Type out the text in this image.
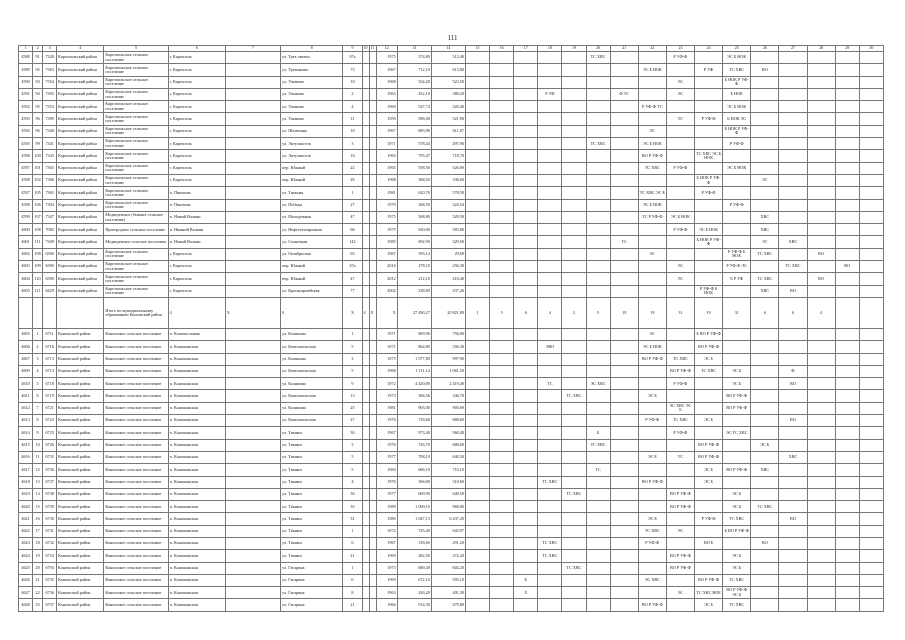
111
1	2	3	4	5	6	7	8	9	10	11	12	13	14	15	16	17	18	19	20	21	22	23	24	25	26	27	28	29	30
4588	91	7328	Каргопольский район	Каргопольское сельское поселение	г. Каргополь		ул. Трех святых	67а			1975	574,80	512,40						ТС ХВС			Р УФ-Ф		ЭС Б НОК					
4589	92	7363	Каргопольский район	Каргопольское сельское поселение	г. Каргополь		ул. Третьякова	73			1967	712,10	613,80								ЭС Б НОК		Р УФ	ТС ХВС	ВО				
4590	93	7354	Каргопольский район	Каргопольское сельское поселение	г. Каргополь		ул. Ушакова	10			1968	534,20	523,50									ЭС		Б НОК Р УФ-Ф					
4591	94	7392	Каргопольский район	Каргопольское сельское поселение	г. Каргополь		ул. Ушакова	2			1963	452,10	380,20				Р УФ			Ф ТС		ЭС		Б НОК					
4592	95	7353	Каргопольский район	Каргопольское сельское поселение	г. Каргополь		ул. Ушакова	4			1969	527,74	320,40								Р УФ-Ф ТС			ЭС Б НОК					
4593	96	7399	Каргопольский район	Каргопольское сельское поселение	г. Каргополь		ул. Ушакова	11			1959	596,00	521,90									ТС	Р УФ-Ф	Б НОК ЭС					
4594	96	7340	Каргопольский район	Каргопольское сельское поселение	г. Каргополь		ул. Шелепина	10			1967	683,96	611,07								ЭС			Б НОК Р УФ-Ф					
4595	99	7341	Каргопольский район	Каргопольское сельское поселение	г. Каргополь		ул. Энтузиастов	3			1971	578,44	497,90						ТС ХВС		ЭС Б НОК			Р УФ-Ф					
4596	100	7343	Каргопольский район	Каргопольское сельское поселение	г. Каргополь		ул. Энтузиастов	16			1965	795,47	718,70								ВО Р УФ-Ф		ТС ХВС ЭС Б НОК						
4597	101	7365	Каргопольский район	Каргопольское сельское поселение	г. Каргополь		пер. Южный	22			1965	558,50	526,90								ТС ХВС	Р УФ-Ф		ЭС Б НОК					
4598	102	7366	Каргопольский район	Каргопольское сельское поселение	г. Каргополь		пер. Южный	26			1968	368,50	336,60										Б НОК Р УФ-Ф		ЭС				
4597	105	7365	Каргопольский район	Каргопольское сельское поселение	п. Пингиша		ул. Таежная	1			1981	620,70	578,50								ТС ХВС ЭС Б		Р УФ-Ф						
4598	106	7394	Каргопольский район	Каргопольское сельское поселение	п. Пингиша		ул. Победы	27			1979	368,50	324,54								ЭС Б НОК			Р УФ-Ф					
4599	107	7347	Каргопольский район	Медведевское (бывшее сельское поселение)	п. Новый Валкин		ул. Молодёжная	47			1975	568,80	529,50								ТС Р УФ-Ф	ЭС Б НОК			ХВС				
4600	108	7082	Каргопольский район	Пригородное сельское поселение	п. Нижний Валкин		ул. Нефтегазопромыш	66			1975	630,00	583,80									Р УФ-Ф	ЭС Б НОК		ХВС				
4601	111	7349	Каргопольский район	Медведевское сельское поселение	п. Новый Валкин		ул. Солнечная	142			1985	692,90	329,50							ТС			Б НОК Р УФ-Ф		ЭС	ХВС			
4602	108	6390	Каргопольский район	Каргопольское сельское поселение	г. Каргополь		ул. Октябрьская	65			1967	395,14	29,69								ЭС			Р УФ-Ф Б НОК	ТС ХВС		ВО		
4603	109	6390	Каргопольский район	Каргопольское сельское поселение	г. Каргополь		пер. Южный	47а			2016	278,10	256,30									ЭС		Р УФ-Ф ЭС		ТС ХВС		ВО	
4604	110	6390	Каргопольский район	Каргопольское сельское поселение	г. Каргополь		пер. Южный	47			2012	212,10	210,40									ЭС		Б Р УФ	ТС ХВС		ВО		
4605	111	6429	Каргопольский район	Каргопольское сельское поселение	г. Каргополь		ул. Красноармейская	77			2002	238,80	237,26										Р УФ-Ф Б НОК		ХВС	ВО			
				Итого по муниципальному образованию Коношский район	4	Х	0	Х	4	Х	Х	27 490,27	20 821,80	1	5	6	4	2	5	19	19	31	19	31	6	6	4		
4605	1	6711	Коношский район	Коношское сельское поселение	п. Коноша-новая		ул. Калинина	1			1971	809,96	756,00								ЭС		Б ВО Р УФ-Ф						
4606	2	6716	Коношский район	Коношское сельское поселение	п. Коношанская		ул. Комсомольская	5			1971	864,80	556,30				ЭВО				ЭС Б НОК		ВО Р УФ-Ф						
4607	3	6713	Коношский район	Коношское сельское поселение	п. Коношанская		ул. Калинина	3			1975	1 077,80	997,90								ВО Р УФ-Ф	ТС ХВС	ЭС Б						
4609	4	6713	Коношский район	Коношское сельское поселение	п. Коношанская		ул. Комсомольская	5			1968	1 111,14	1 061,50									ВО Р УФ-Ф	ТС ХВС	ЭС Б		Ф			
4610	5	6718	Коношский район	Коношское сельское поселение	п. Коношанская		ул. Калинина	9			1972	4 420,00	2 419,40				ТС		ЭС ХВС			Р УФ-Ф		ЭС Б		ВО			
4611	6	6719	Коношский район	Коношское сельское поселение	п. Коношанская		ул. Комсомольская	13			1973	366,56	346,70					ТС ХВС			ЭС Б			ВО Р УФ-Ф					
4612	7	6721	Коношский район	Коношское сельское поселение	п. Коношанская		ул. Калинина	25			1981	903,00	905,60									ЭС ХВС ЭС Б		ВО Р УФ-Ф					
4613	8	6723	Коношский район	Коношское сельское поселение	п. Коношанская		ул. Комсомольская	27			1976	718,60	668,60								Р УФ-Ф	ТС ХВС	ЭС Б			ВО			
4614	9	6725	Коношский район	Коношское сельское поселение	п. Коношанская		ул. Тимаки	30			1967	973,40	960,40						Б			Р УФ-Ф		ЭС ТС ХВС					
4615	10	6726	Коношский район	Коношское сельское поселение	п. Коношанская		ул. Тимаки	3			1976	726,70	680,60						ТС ХВС				ВО Р УФ-Ф		ЭС Б				
4616	11	6735	Коношский район	Коношское сельское поселение	п. Коношанская		ул. Тимаки	5			1977	708,10	640,30								ЭС Б	ТС	ВО Р УФ-Ф			ХВС			
4617	12	6736	Коношский район	Коношское сельское поселение	п. Коношанская		ул. Тимаки	5			1984	666,10	716,10						ТС				ЭС Б	ВО Р УФ-Ф	ХВС				
4618	13	6737	Коношский район	Коношское сельское поселение	п. Коношанская		ул. Тимаки	4			1976	566,00	510,60				ТС ХВС				ВО Р УФ-Ф		ЭС Б						
4619	14	6738	Коношский район	Коношское сельское поселение	п. Коношанская		ул. Тимаки	36			1977	609,90	649,50					ТС ХВС				ВО Р УФ-Ф		ЭС Б					
4620	15	6739	Коношский район	Коношское сельское поселение	п. Коношанская		ул. Тимаки	35			1989	1 090,10	968,00									ВО Р УФ-Ф		ЭС Б	ТС ХВС				
4621	16	6730	Коношский район	Коношское сельское поселение	п. Коношанская		ул. Тимаки	31			1980	1 047,13	6 237,20								ЭС Б		Р УФ-Ф	ТС ХВС		ВО			
4622	17	6731	Коношский район	Коношское сельское поселение	п. Коношанская		ул. Тимаки	1			1972	725,40	645,97								ТС ХВС	ЭС		Б ВО Р УФ-Ф					
4623	18	6732	Коношский район	Коношское сельское поселение	п. Коношанская		ул. Тимаки	6			1967	318,60	291,20				ТС ХВС				Р УФ-Ф		ВО Б		ВО				
4624	19	6733	Коношский район	Коношское сельское поселение	п. Коношанская		ул. Тимаки	21			1969	282,50	272,20				ТС ХВС					ВО Р УФ-Ф		ЭС Б					
4625	20	6794	Коношский район	Коношское сельское поселение	п. Коношанская		ул. Гагарина	1			1973	680,40	602,20					ТС ХВС				ВО Р УФ-Ф		ЭС Б					
4626	21	6735	Коношский район	Коношское сельское поселение	п. Коношанская		ул. Гагарина	6			1969	672,10	595,10			Б					ЭС ХВС		ВО Р УФ-Ф	ТС ХВС					
4627	22	6736	Коношский район	Коношское сельское поселение	п. Коношанская		ул. Гагарина	8			1963	426,20	401,30			Х						ЭС	ТС ХВС ВОЕ	ВО Р УФ-Ф ЭС Б					
4628	23	6737	Коношский район	Коношское сельское поселение	п. Коношанская		ул. Гагарина	21			1966	914,30	479,80								ВО Р УФ-Ф		ЭС Б	ТС ХВС					
